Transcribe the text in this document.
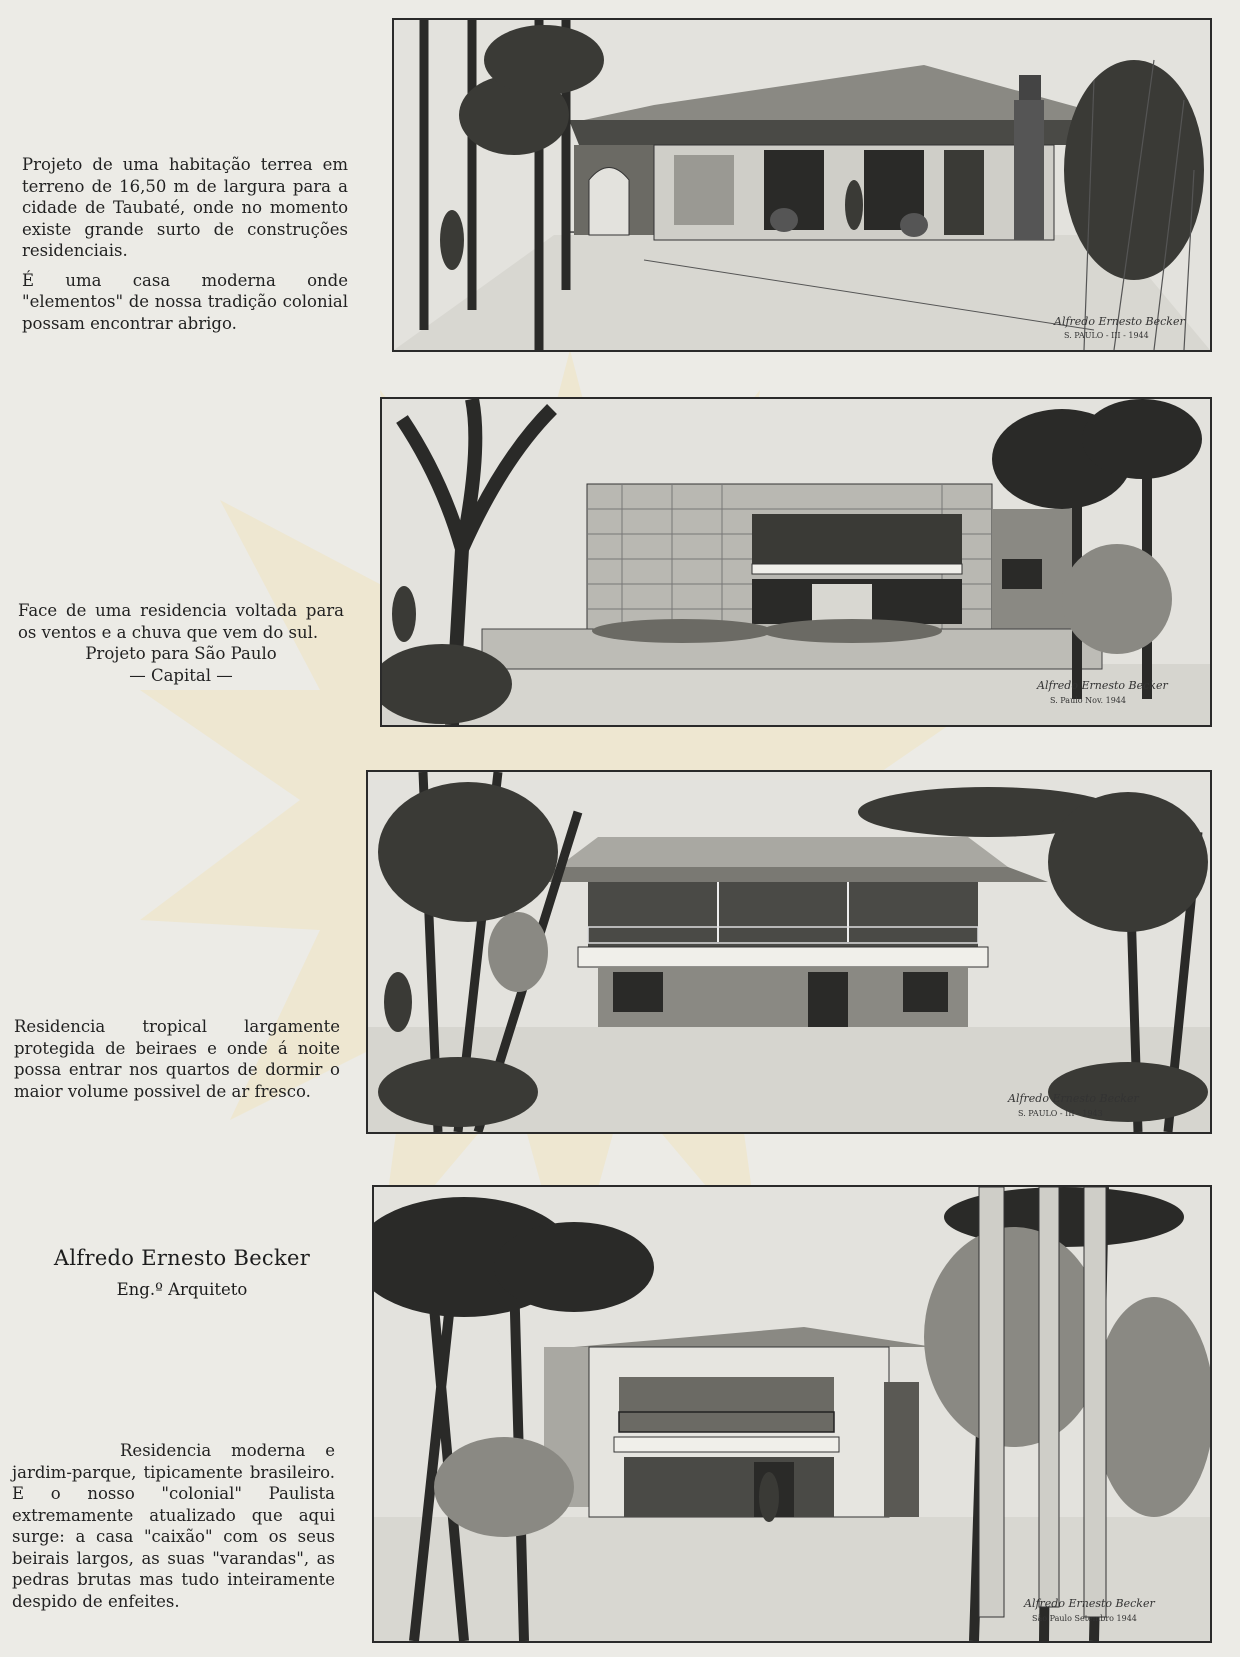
Projeto de uma habitação terrea em terreno de 16,50 m de largura para a cidade de Taubaté, onde no momento existe grande surto de construções residenciais.

É uma casa moderna onde "elementos" de nossa tradição colonial possam encontrar abrigo.

Face de uma residencia voltada para os ventos e a chuva que vem do sul.

Projeto para São Paulo

— Capital —

Residencia tropical largamente protegida de beiraes e onde á noite possa entrar nos quartos de dormir o maior volume possivel de ar fresco.

Alfredo Ernesto Becker

Eng.º Arquiteto

Residencia moderna e jardim-parque, tipicamente brasileiro. E o nosso "colonial" Paulista extremamente atualizado que aqui surge: a casa "caixão" com os seus beirais largos, as suas "varandas", as pedras brutas mas tudo inteiramente despido de enfeites.

Alfredo Ernesto Becker
S. PAULO - III - 1944
Alfredo Ernesto Becker
S. Paulo Nov. 1944
Alfredo Ernesto Becker
S. PAULO - III - 1943
Alfredo Ernesto Becker
São Paulo Setembro 1944
